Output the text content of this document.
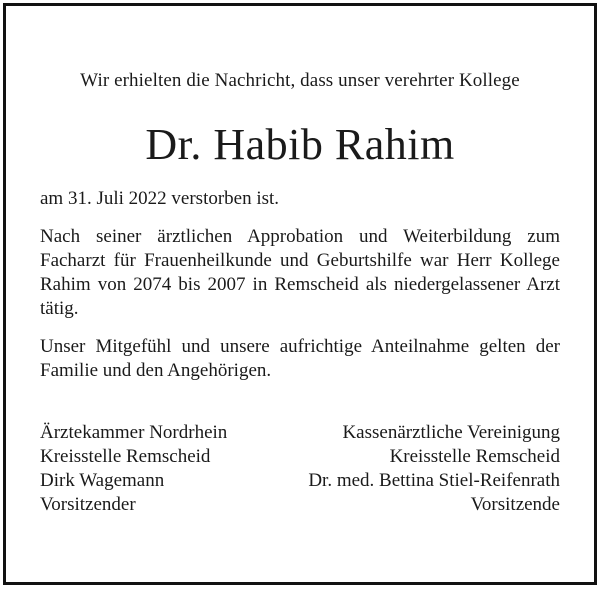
Wir erhielten die Nachricht, dass unser verehrter Kollege
Dr. Habib Rahim
am 31. Juli 2022 verstorben ist.
Nach seiner ärztlichen Approbation und Weiterbildung zum Facharzt für Frauenheilkunde und Geburtshilfe war Herr Kollege Rahim von 2074 bis 2007 in Remscheid als niedergelassener Arzt tätig.
Unser Mitgefühl und unsere aufrichtige Anteilnahme gelten der Familie und den Angehörigen.
Ärztekammer Nordrhein	Kassenärztliche Vereinigung
Kreisstelle Remscheid	Kreisstelle Remscheid
Dirk Wagemann	Dr. med. Bettina Stiel-Reifenrath
Vorsitzender	Vorsitzende
